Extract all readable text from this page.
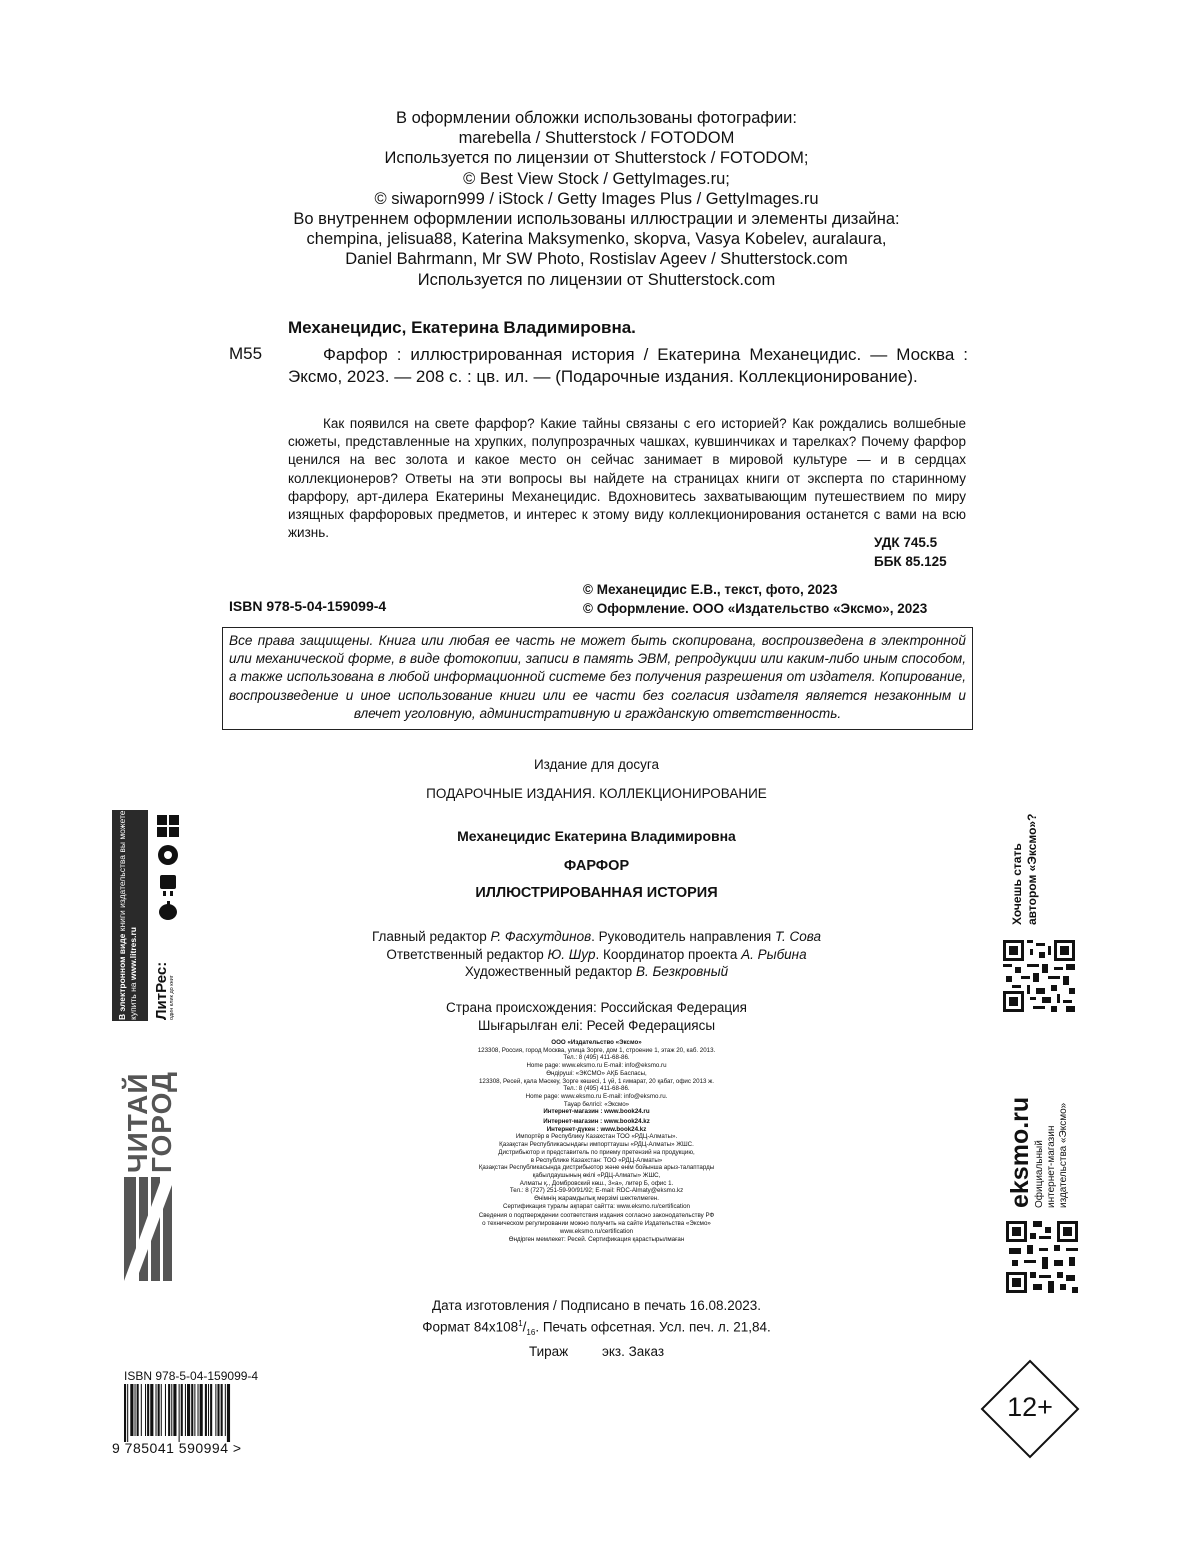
В оформлении обложки использованы фотографии:
marebella / Shutterstock / FOTODOM
Используется по лицензии от Shutterstock / FOTODOM;
© Best View Stock / GettyImages.ru;
© siwaporn999 / iStock / Getty Images Plus / GettyImages.ru
Во внутреннем оформлении использованы иллюстрации и элементы дизайна:
chempina, jelisua88, Katerina Maksymenko, skopva, Vasya Kobelev, auralaura,
Daniel Bahrmann, Mr SW Photo, Rostislav Ageev / Shutterstock.com
Используется по лицензии от Shutterstock.com
Механецидис, Екатерина Владимировна.
М55	Фарфор : иллюстрированная история / Екатерина Механецидис. — Москва : Эксмо, 2023. — 208 с. : цв. ил. — (Подарочные издания. Коллекционирование).
Как появился на свете фарфор? Какие тайны связаны с его историей? Как рождались волшебные сюжеты, представленные на хрупких, полупрозрачных чашках, кувшинчиках и тарелках? Почему фарфор ценился на вес золота и какое место он сейчас занимает в мировой культуре — и в сердцах коллекционеров? Ответы на эти вопросы вы найдете на страницах книги от эксперта по старинному фарфору, арт-дилера Екатерины Механецидис. Вдохновитесь захватывающим путешествием по миру изящных фарфоровых предметов, и интерес к этому виду коллекционирования останется с вами на всю жизнь.
УДК 745.5
ББК 85.125
ISBN 978-5-04-159099-4
© Механецидис Е.В., текст, фото, 2023
© Оформление. ООО «Издательство «Эксмо», 2023
Все права защищены. Книга или любая ее часть не может быть скопирована, воспроизведена в электронной или механической форме, в виде фотокопии, записи в память ЭВМ, репродукции или каким-либо иным способом, а также использована в любой информационной системе без получения разрешения от издателя. Копирование, воспроизведение и иное использование книги или ее части без согласия издателя является незаконным и влечет уголовную, административную и гражданскую ответственность.
Издание для досуга
ПОДАРОЧНЫЕ ИЗДАНИЯ. КОЛЛЕКЦИОНИРОВАНИЕ
Механецидис Екатерина Владимировна
ФАРФОР
ИЛЛЮСТРИРОВАННАЯ ИСТОРИЯ
Главный редактор Р. Фасхутдинов. Руководитель направления Т. Сова
Ответственный редактор Ю. Шур. Координатор проекта А. Рыбина
Художественный редактор В. Безкровный
Страна происхождения: Российская Федерация
Шығарылған елі: Ресей Федерациясы
ООО «Издательство «Эксмо»
123308, Россия, город Москва, улица Зорге, дом 1, строение 1, этаж 20, каб. 2013.
Тел.: 8 (495) 411-68-86.
Home page: www.eksmo.ru E-mail: info@eksmo.ru
Өндіруші: «ЭКСМО» АҚБ Баспасы,
123308, Ресей, қала Мәскеу, Зорге көшесі, 1 үй, 1 ғимарат, 20 қабат, офис 2013 ж.
Тел.: 8 (495) 411-68-86.
Home page: www.eksmo.ru E-mail: info@eksmo.ru.
Тауар белгісі: «Эксмо»
Интернет-магазин : www.book24.ru
Интернет-магазин : www.book24.kz
Интернет-дүкен : www.book24.kz
Импортёр в Республику Казахстан ТОО «РДЦ-Алматы».
Қазақстан Республикасындағы импорттаушы «РДЦ-Алматы» ЖШС.
Дистрибьютор и представитель по приему претензий на продукцию,
в Республике Казахстан: ТОО «РДЦ-Алматы»
Қазақстан Республикасында дистрибьютор және өнім бойынша арыз-талаптарды
қабылдаушының өкілі «РДЦ-Алматы» ЖШС,
Алматы қ., Домбровский көш., 3«а», литер Б, офис 1.
Тел.: 8 (727) 251-59-90/91/92; E-mail: RDC-Almaty@eksmo.kz
Өнімнің жарамдылық мерзімі шектелмеген.
Сертификация туралы ақпарат сайтта: www.eksmo.ru/certification
Сведения о подтверждении соответствия издания согласно законодательству РФ
о техническом регулировании можно получить на сайте Издательства «Эксмо»
www.eksmo.ru/certification
Өндірген мемлекет: Ресей. Сертификация қарастырылмаған
Дата изготовления / Подписано в печать 16.08.2023.
Формат $84x108^1/_{16}$. Печать офсетная. Усл. печ. л. 21,84.
Тираж         экз. Заказ
В электронном виде книги издательства вы можете
купить на www.litres.ru
ЛитРес: один клик до книг
ЧИТАЙ
ГОРОД
Хочешь стать автором «Эксмо»?
eksmo.ru Официальный интернет-магазин издательства «Эксмо»
12+
ISBN 978-5-04-159099-4
9 785041 590994 >
